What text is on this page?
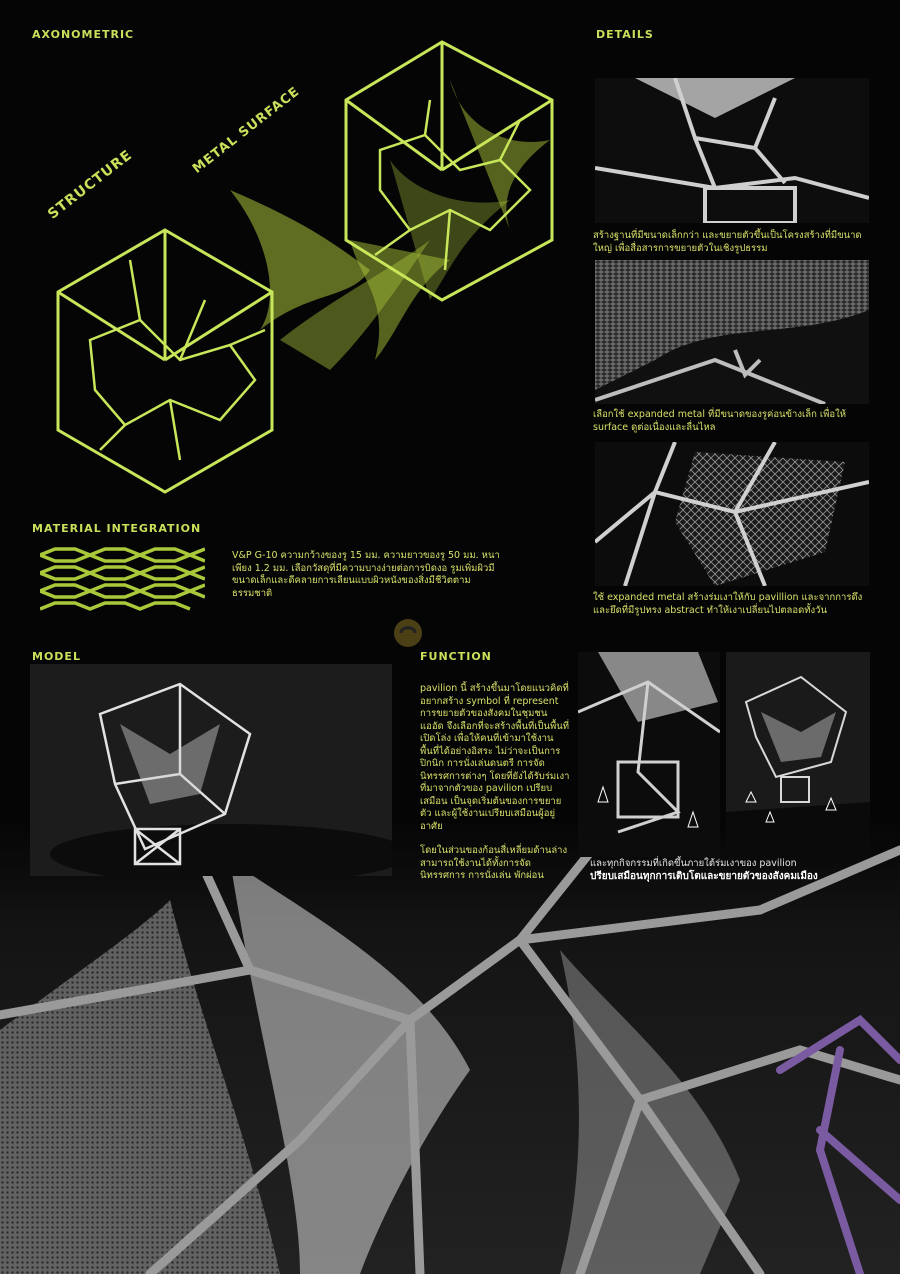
AXONOMETRIC
STRUCTURE
METAL SURFACE
DETAILS
สร้างฐานที่มีขนาดเล็กกว่า และขยายตัวขึ้นเป็นโครงสร้างที่มีขนาดใหญ่ เพื่อสื่อสารการขยายตัวในเชิงรูปธรรม
เลือกใช้ expanded metal ที่มีขนาดของรูค่อนข้างเล็ก เพื่อให้ surface ดูต่อเนื่องและลื่นไหล
ใช้ expanded metal สร้างร่มเงาให้กับ pavillion และจากการดึงและยึดที่มีรูปทรง abstract ทำให้เงาเปลี่ยนไปตลอดทั้งวัน
MATERIAL INTEGRATION
V&P G-10 ความกว้างของรู 15 มม. ความยาวของรู 50 มม. หนาเพียง 1.2 มม. เลือกวัสดุที่มีความบางง่ายต่อการบิดงอ รูมเพิ่มผิวมีขนาดเล็กและดีคลายการเลียนแบบผิวหนังของสิ่งมีชีวิตตามธรรมชาติ
MODEL	FUNCTION
pavilion นี้ สร้างขึ้นมาโดยแนวคิดที่อยากสร้าง symbol ที่ represent การขยายตัวของสังคมในชุมชนแออัด จึงเลือกที่จะสร้างพื้นที่เป็นพื้นที่เปิดโล่ง เพื่อให้คนที่เข้ามาใช้งานพื้นที่ได้อย่างอิสระ ไม่ว่าจะเป็นการปิกนิก การนั่งเล่นดนตรี การจัดนิทรรศการต่างๆ โดยที่ยังได้รับร่มเงาที่มาจากตัวของ pavilion เปรียบเสมือน เป็นจุดเริ่มต้นของการขยายตัว และผู้ใช้งานเปรียบเสมือนผู้อยู่อาศัย
โดยในส่วนของก้อนสี่เหลี่ยมด้านล่างสามารถใช้งานได้ทั้งการจัดนิทรรศการ การนั่งเล่น พักผ่อน
และทุกกิจกรรมที่เกิดขึ้นภายใต้ร่มเงาของ pavilion
ปรียบเสมือนทุกการเติบโตและขยายตัวของสังคมเมือง
